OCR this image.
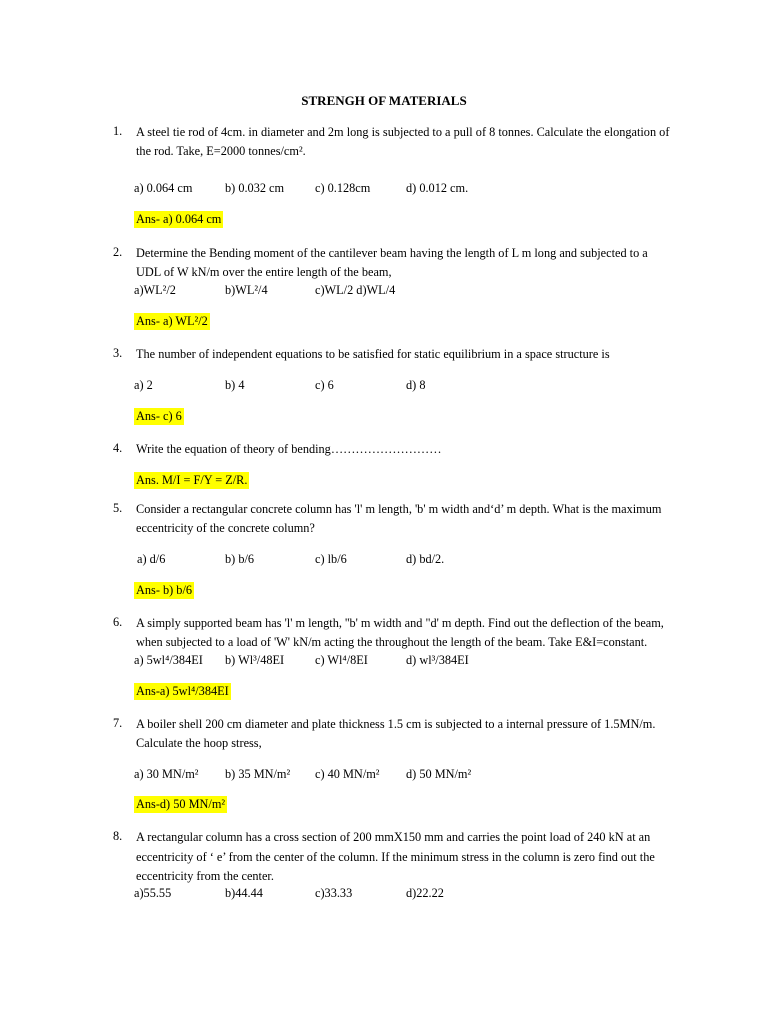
STRENGH OF MATERIALS
1.	A steel tie rod of 4cm. in diameter and 2m long is subjected to a pull of 8 tonnes. Calculate the elongation of
the rod. Take, E=2000 tonnes/cm².
a) 0.064 cm	b) 0.032 cm	c) 0.128cm	d) 0.012 cm.
Ans- a) 0.064 cm
2.	Determine the Bending moment of the cantilever beam having the length of L m long and subjected to a
UDL of W kN/m over the entire length of the beam,
a)WL²/2	b)WL²/4	c)WL/2 d)WL/4
Ans- a) WL²/2
3.	The number of independent equations to be satisfied for static equilibrium in a space structure is
a) 2	b) 4	c) 6	d) 8
Ans- c) 6
4.	Write the equation of theory of bending………………………
Ans. M/I = F/Y = Z/R.
5.	Consider a rectangular concrete column has 'l' m length, 'b' m width and‘d’ m depth. What is the maximum
eccentricity of the concrete column?
a) d/6	b) b/6	c) lb/6	d) bd/2.
Ans- b) b/6
6.	A simply supported beam has 'l' m length, ''b' m width and "d' m depth. Find out the deflection of the beam,
when subjected to a load of 'W' kN/m acting the throughout the length of the beam. Take E&I=constant.
a) 5wl⁴/384EI b) Wl³/48EI	c) Wl⁴/8EI	d) wl³/384EI
Ans-a) 5wl⁴/384EI
7.	A boiler shell 200 cm diameter and plate thickness 1.5 cm is subjected to a internal pressure of 1.5MN/m.
Calculate the hoop stress,
a) 30 MN/m² b) 35 MN/m² c) 40 MN/m² d) 50 MN/m²
Ans-d) 50 MN/m²
8.	A rectangular column has a cross section of 200 mmX150 mm and carries the point load of 240 kN at an
eccentricity of ‘ e’ from the center of the column. If the minimum stress in the column is zero find out the
eccentricity from the center.
a)55.55	b)44.44	c)33.33	d)22.22
